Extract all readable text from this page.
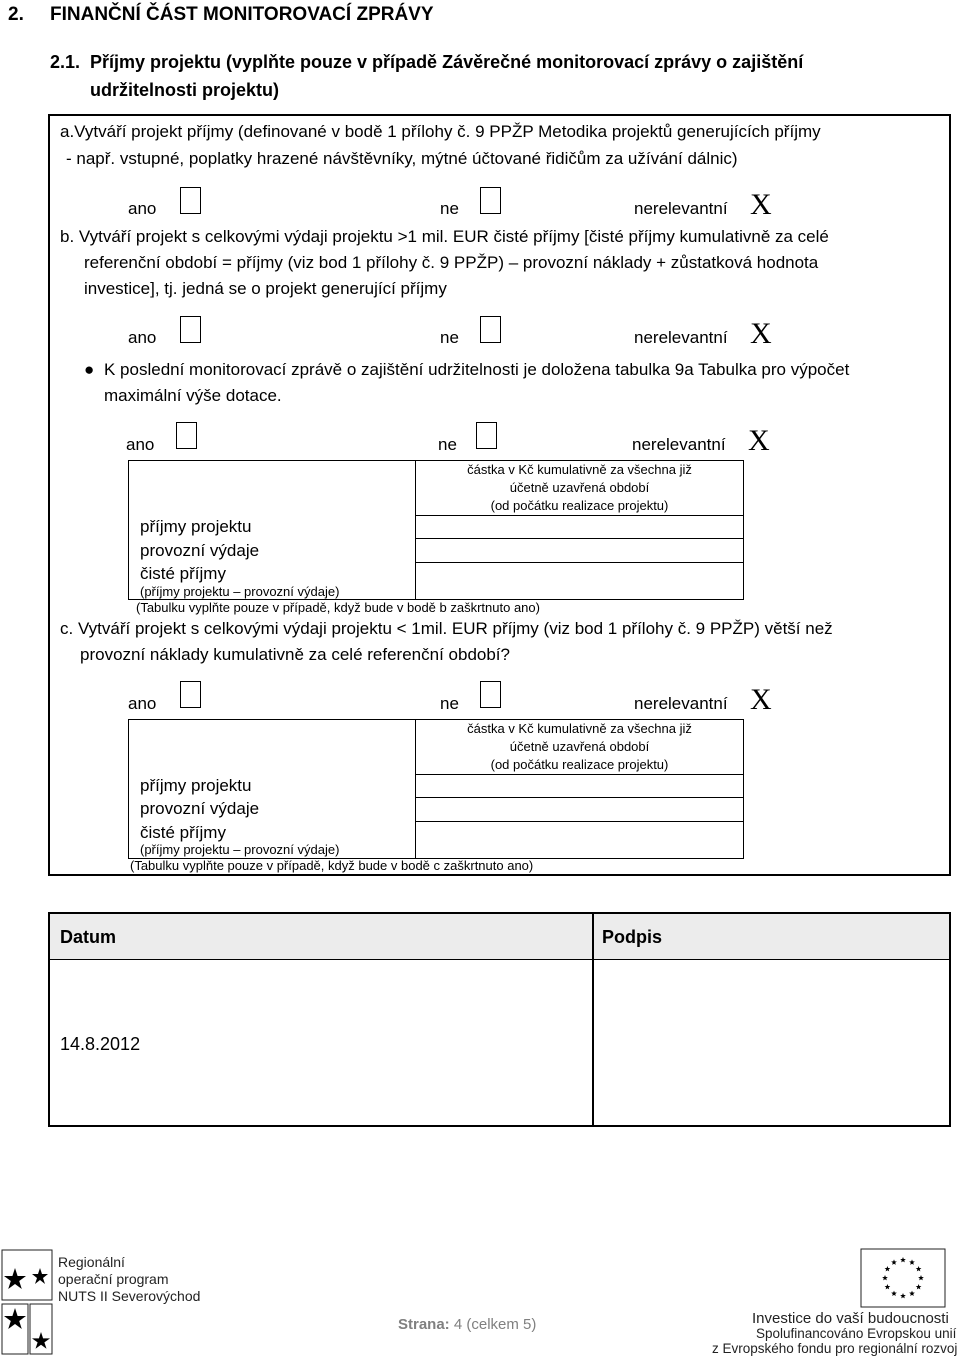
2. FINANČNÍ ČÁST MONITOROVACÍ ZPRÁVY
2.1. Příjmy projektu (vyplňte pouze v případě Závěrečné monitorovací zprávy o zajištění
udržitelnosti projektu)
a.Vytváří projekt příjmy (definované v bodě 1 přílohy č. 9 PPŽP Metodika projektů generujících příjmy
- např. vstupné, poplatky hrazené návštěvníky, mýtné účtované řidičům za užívání dálnic)
ano	ne	nerelevantní X
b. Vytváří projekt s celkovými výdaji projektu >1 mil. EUR čisté příjmy [čisté příjmy kumulativně za celé
referenční období = příjmy (viz bod 1 přílohy č. 9 PPŽP) – provozní náklady + zůstatková hodnota
investice], tj. jedná se o projekt generující příjmy
ano	ne	nerelevantní X
● K poslední monitorovací zprávě o zajištění udržitelnosti je doložena tabulka 9a Tabulka pro výpočet
maximální výše dotace.
ano	ne	nerelevantní X
částka v Kč kumulativně za všechna již
účetně uzavřená období
(od počátku realizace projektu)
příjmy projektu
provozní výdaje
čisté příjmy
(příjmy projektu – provozní výdaje)
(Tabulku vyplňte pouze v případě, když bude v bodě b zaškrtnuto ano)
c. Vytváří projekt s celkovými výdaji projektu < 1mil. EUR příjmy (viz bod 1 přílohy č. 9 PPŽP) větší než
provozní náklady kumulativně za celé referenční období?
ano	ne	nerelevantní X
částka v Kč kumulativně za všechna již
účetně uzavřená období
(od počátku realizace projektu)
příjmy projektu
provozní výdaje
čisté příjmy
(příjmy projektu – provozní výdaje)
(Tabulku vyplňte pouze v případě, když bude v bodě c zaškrtnuto ano)
Datum	Podpis
14.8.2012
Regionální
operační program
NUTS II Severovýchod
Strana: 4 (celkem 5)	Investice do vaší budoucnosti
Spolufinancováno Evropskou unií
z Evropského fondu pro regionální rozvoj
